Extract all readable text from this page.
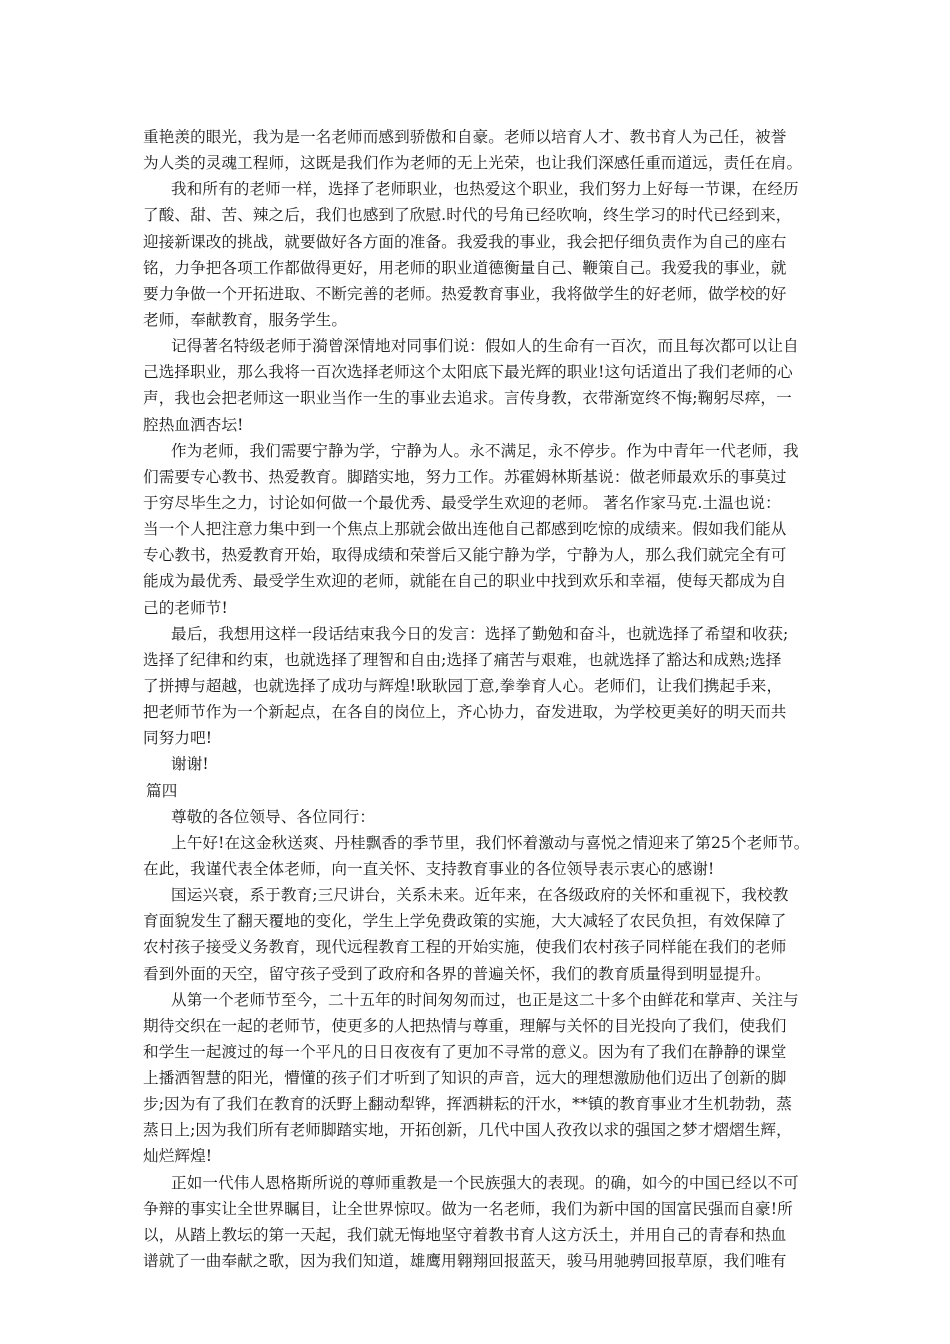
重艳羡的眼光，我为是一名老师而感到骄傲和自豪。老师以培育人才、教书育人为己任，被誉
为人类的灵魂工程师，这既是我们作为老师的无上光荣，也让我们深感任重而道远，责任在肩。
我和所有的老师一样，选择了老师职业，也热爱这个职业，我们努力上好每一节课，在经历
了酸、甜、苦、辣之后，我们也感到了欣慰.时代的号角已经吹响，终生学习的时代已经到来，
迎接新课改的挑战，就要做好各方面的准备。我爱我的事业，我会把仔细负责作为自己的座右
铭，力争把各项工作都做得更好，用老师的职业道德衡量自己、鞭策自己。我爱我的事业，就
要力争做一个开拓进取、不断完善的老师。热爱教育事业，我将做学生的好老师，做学校的好
老师，奉献教育，服务学生。
记得著名特级老师于漪曾深情地对同事们说：假如人的生命有一百次，而且每次都可以让自
己选择职业，那么我将一百次选择老师这个太阳底下最光辉的职业!这句话道出了我们老师的心
声，我也会把老师这一职业当作一生的事业去追求。言传身教，衣带渐宽终不悔;鞠躬尽瘁，一
腔热血洒杏坛!
作为老师，我们需要宁静为学，宁静为人。永不满足，永不停步。作为中青年一代老师，我
们需要专心教书、热爱教育。脚踏实地，努力工作。苏霍姆林斯基说：做老师最欢乐的事莫过
于穷尽毕生之力，讨论如何做一个最优秀、最受学生欢迎的老师。 著名作家马克.土温也说：
当一个人把注意力集中到一个焦点上那就会做出连他自己都感到吃惊的成绩来。假如我们能从
专心教书，热爱教育开始，取得成绩和荣誉后又能宁静为学，宁静为人，那么我们就完全有可
能成为最优秀、最受学生欢迎的老师，就能在自己的职业中找到欢乐和幸福，使每天都成为自
己的老师节!
最后，我想用这样一段话结束我今日的发言：选择了勤勉和奋斗，也就选择了希望和收获;
选择了纪律和约束，也就选择了理智和自由;选择了痛苦与艰难，也就选择了豁达和成熟;选择
了拼搏与超越，也就选择了成功与辉煌!耿耿园丁意,拳拳育人心。老师们，让我们携起手来，
把老师节作为一个新起点，在各自的岗位上，齐心协力，奋发进取，为学校更美好的明天而共
同努力吧!
谢谢!
篇四
尊敬的各位领导、各位同行：
上午好!在这金秋送爽、丹桂飘香的季节里，我们怀着激动与喜悦之情迎来了第25个老师节。
在此，我谨代表全体老师，向一直关怀、支持教育事业的各位领导表示衷心的感谢!
国运兴衰，系于教育;三尺讲台，关系未来。近年来，在各级政府的关怀和重视下，我校教
育面貌发生了翻天覆地的变化，学生上学免费政策的实施，大大减轻了农民负担，有效保障了
农村孩子接受义务教育，现代远程教育工程的开始实施，使我们农村孩子同样能在我们的老师
看到外面的天空，留守孩子受到了政府和各界的普遍关怀，我们的教育质量得到明显提升。
从第一个老师节至今，二十五年的时间匆匆而过，也正是这二十多个由鲜花和掌声、关注与
期待交织在一起的老师节，使更多的人把热情与尊重，理解与关怀的目光投向了我们，使我们
和学生一起渡过的每一个平凡的日日夜夜有了更加不寻常的意义。因为有了我们在静静的课堂
上播洒智慧的阳光，懵懂的孩子们才听到了知识的声音，远大的理想激励他们迈出了创新的脚
步;因为有了我们在教育的沃野上翻动犁铧，挥洒耕耘的汗水，**镇的教育事业才生机勃勃，蒸
蒸日上;因为我们所有老师脚踏实地，开拓创新，几代中国人孜孜以求的强国之梦才熠熠生辉，
灿烂辉煌!
正如一代伟人恩格斯所说的尊师重教是一个民族强大的表现。的确，如今的中国已经以不可
争辩的事实让全世界瞩目，让全世界惊叹。做为一名老师，我们为新中国的国富民强而自豪!所
以，从踏上教坛的第一天起，我们就无悔地坚守着教书育人这方沃土，并用自己的青春和热血
谱就了一曲奉献之歌，因为我们知道，雄鹰用翱翔回报蓝天，骏马用驰骋回报草原，我们唯有
